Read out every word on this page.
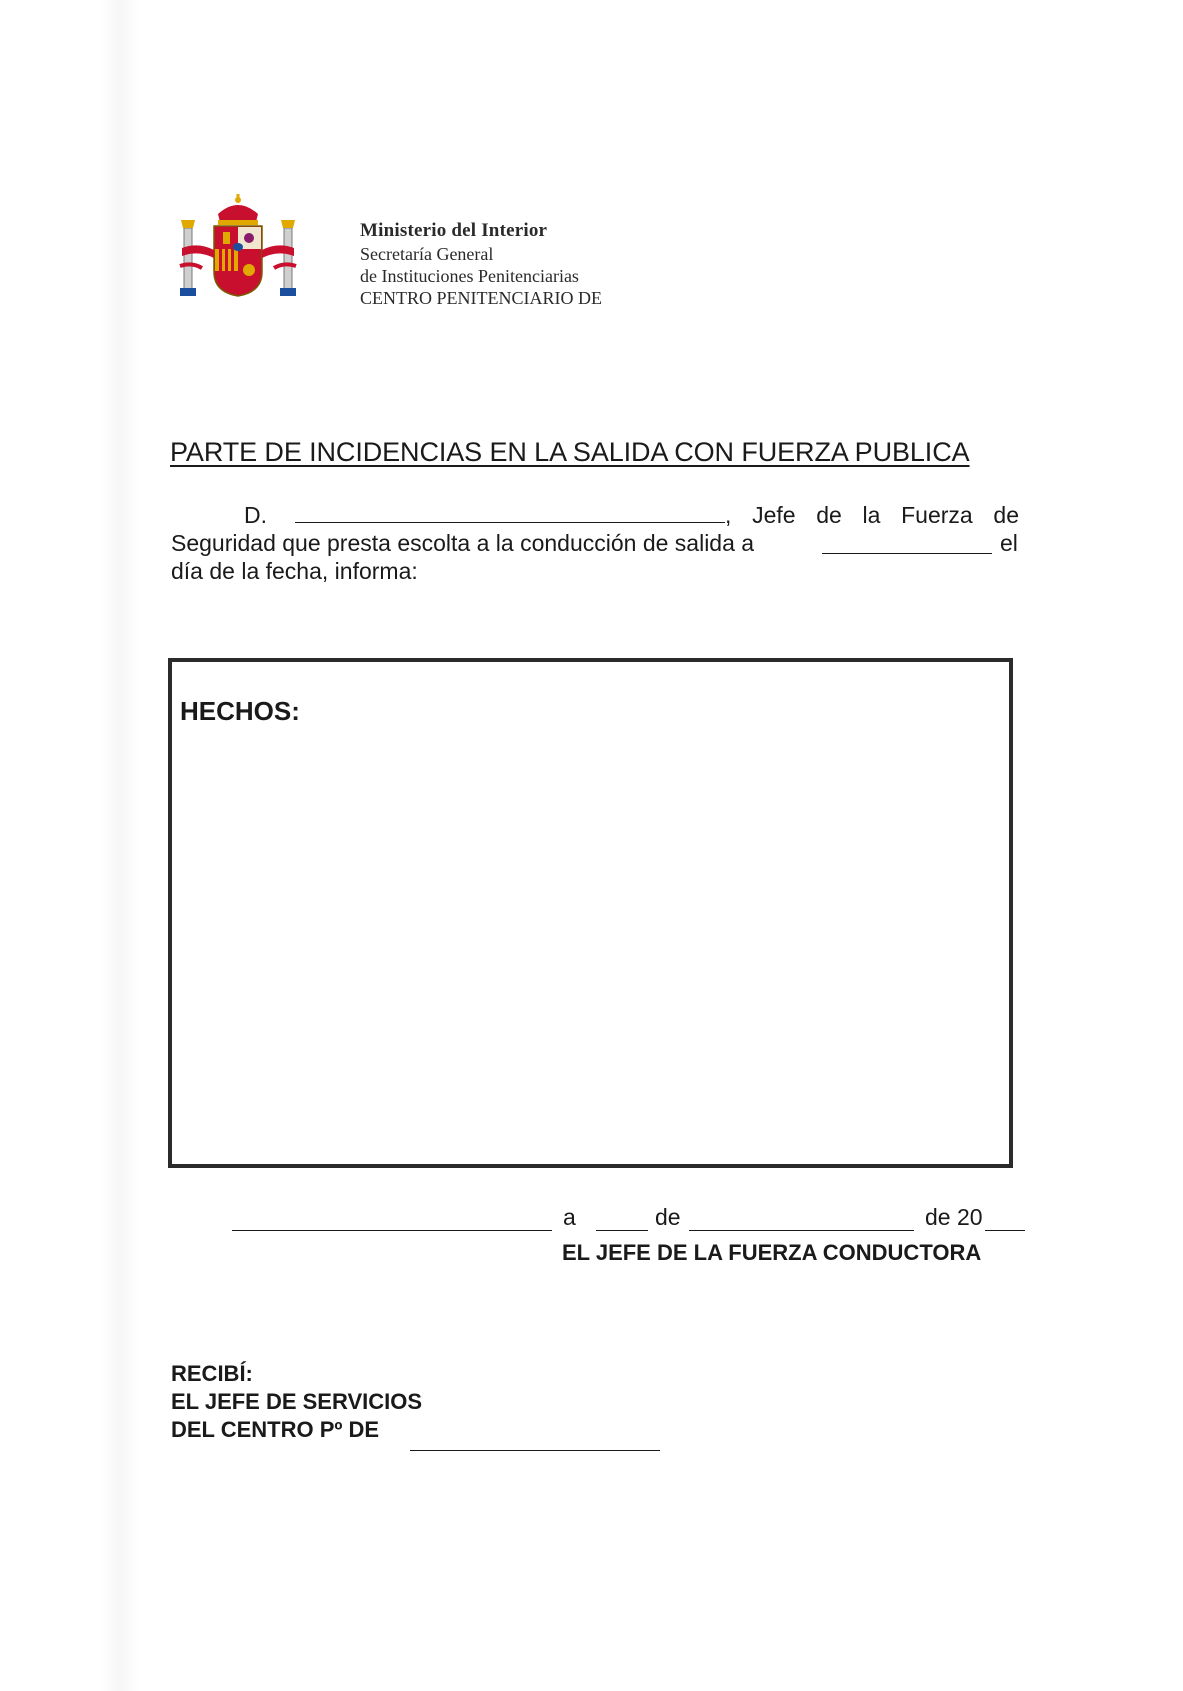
Ministerio del Interior
Secretaría General
de Instituciones Penitenciarias
CENTRO PENITENCIARIO DE
PARTE DE INCIDENCIAS EN LA SALIDA CON FUERZA PUBLICA
D.	, Jefe de la Fuerza de
Seguridad que presta escolta a la conducción de salida a	el
día de la fecha, informa:
HECHOS:
a	de	de 20
EL JEFE DE LA FUERZA CONDUCTORA
RECIBÍ:
EL JEFE DE SERVICIOS
DEL CENTRO Pº DE
